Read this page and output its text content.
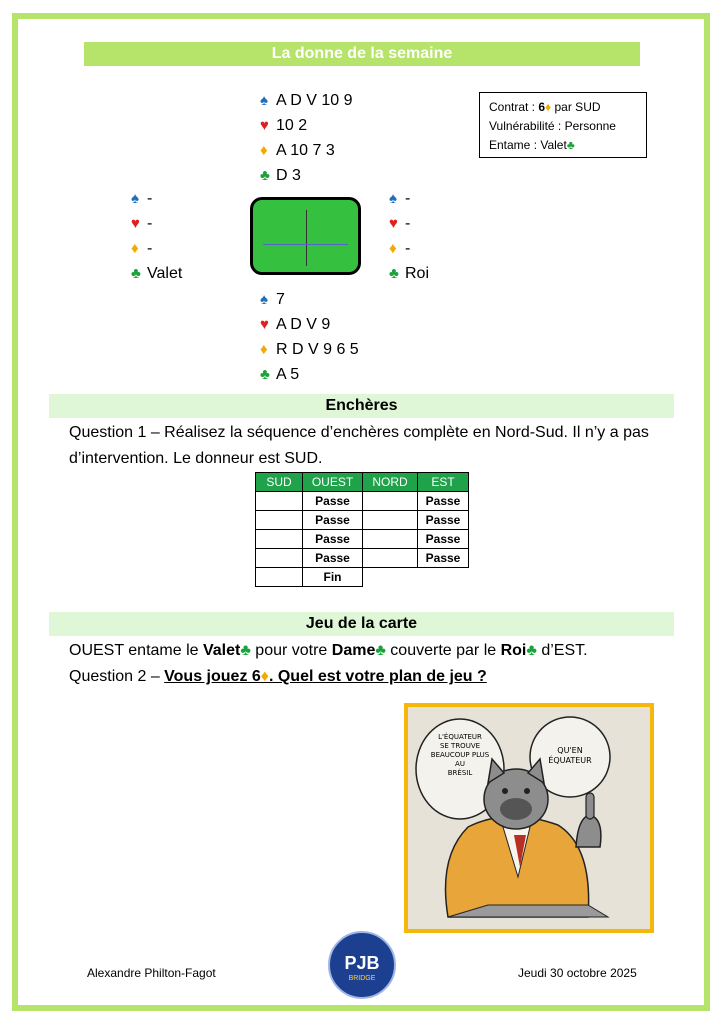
La donne de la semaine
♠ A D V 10 9
♥ 10 2
♦ A 10 7 3
♣ D 3
Contrat : 6♦ par SUD
Vulnérabilité : Personne
Entame : Valet♣
♠ -
♥ -
♦ -
♣ Valet
♠ -
♥ -
♦ -
♣ Roi
♠ 7
♥ A D V 9
♦ R D V 9 6 5
♣ A 5
Enchères
Question 1 – Réalisez la séquence d’enchères complète en Nord-Sud. Il n’y a pas d’intervention. Le donneur est SUD.
SUD	OUEST	NORD	EST
	Passe		Passe
	Passe		Passe
	Passe		Passe
	Passe		Passe
	Fin		
Jeu de la carte
OUEST entame le Valet♣ pour votre Dame♣ couverte par le Roi♣ d’EST.
Question 2 – Vous jouez 6♦. Quel est votre plan de jeu ?
L'ÉQUATEUR SE TROUVE BEAUCOUP PLUS AU BRÉSIL
QU'EN ÉQUATEUR
Alexandre Philton-Fagot	PJB
BRIDGE	Jeudi 30 octobre 2025
